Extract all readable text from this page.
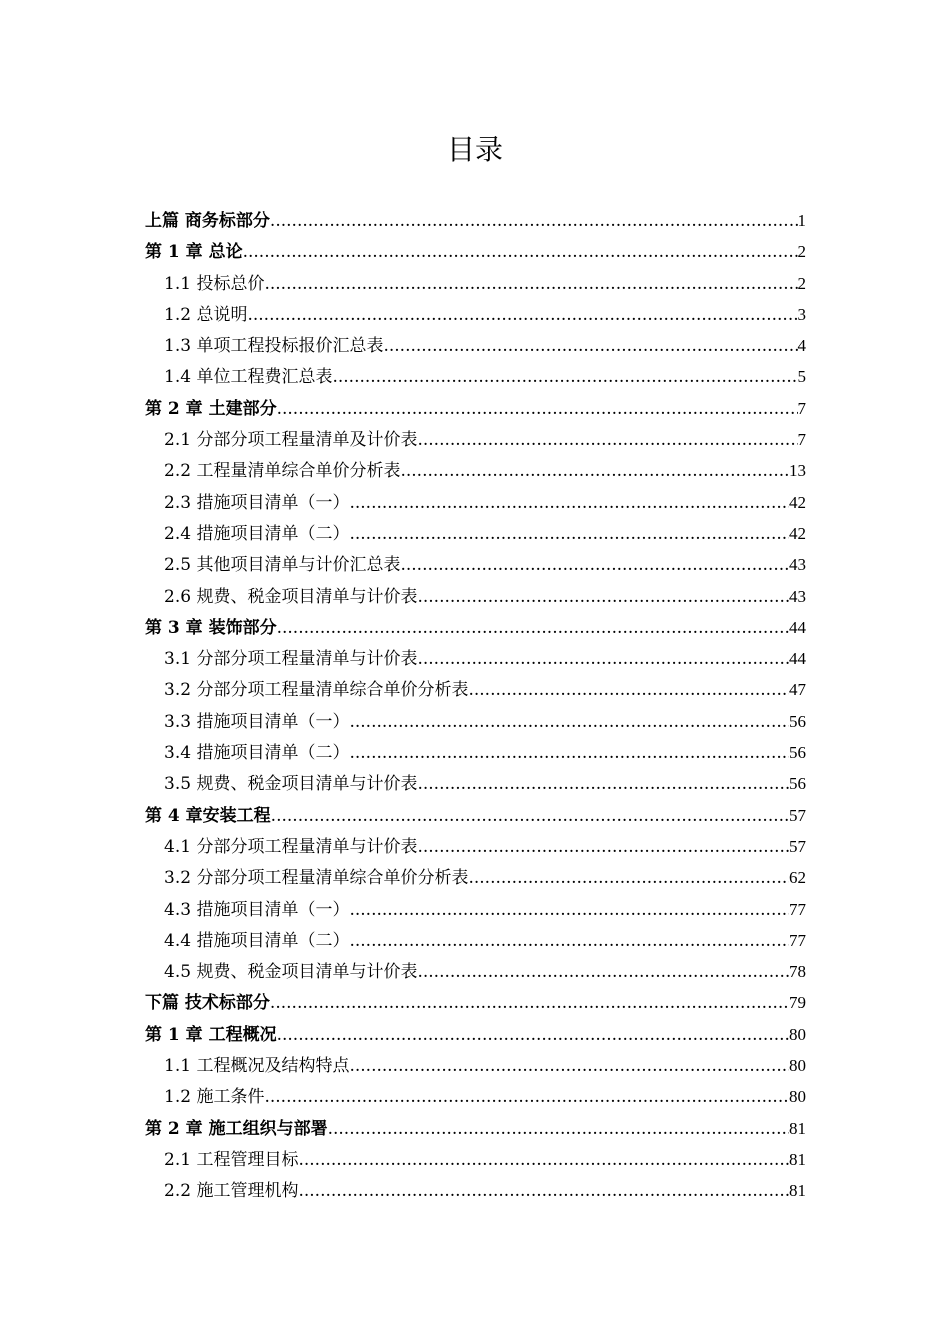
目录
上篇 商务标部分 .....	1
第 1 章 总论 .....	2
1.1 投标总价 .....	2
1.2 总说明 .....	3
1.3 单项工程投标报价汇总表 .....	4
1.4 单位工程费汇总表 .....	5
第 2 章 土建部分 .....	7
2.1 分部分项工程量清单及计价表 .....	7
2.2 工程量清单综合单价分析表 .....	13
2.3 措施项目清单（一） .....	42
2.4 措施项目清单（二） .....	42
2.5 其他项目清单与计价汇总表 .....	43
2.6 规费、税金项目清单与计价表 .....	43
第 3 章 装饰部分 .....	44
3.1 分部分项工程量清单与计价表 .....	44
3.2 分部分项工程量清单综合单价分析表 .....	47
3.3 措施项目清单（一） .....	56
3.4 措施项目清单（二） .....	56
3.5 规费、税金项目清单与计价表 .....	56
第 4 章安装工程 .....	57
4.1 分部分项工程量清单与计价表 .....	57
3.2 分部分项工程量清单综合单价分析表 .....	62
4.3 措施项目清单（一） .....	77
4.4 措施项目清单（二） .....	77
4.5 规费、税金项目清单与计价表 .....	78
下篇 技术标部分 .....	79
第 1 章 工程概况 .....	80
1.1 工程概况及结构特点 .....	80
1.2 施工条件 .....	80
第 2 章 施工组织与部署 .....	81
2.1 工程管理目标 .....	81
2.2 施工管理机构 .....	81
